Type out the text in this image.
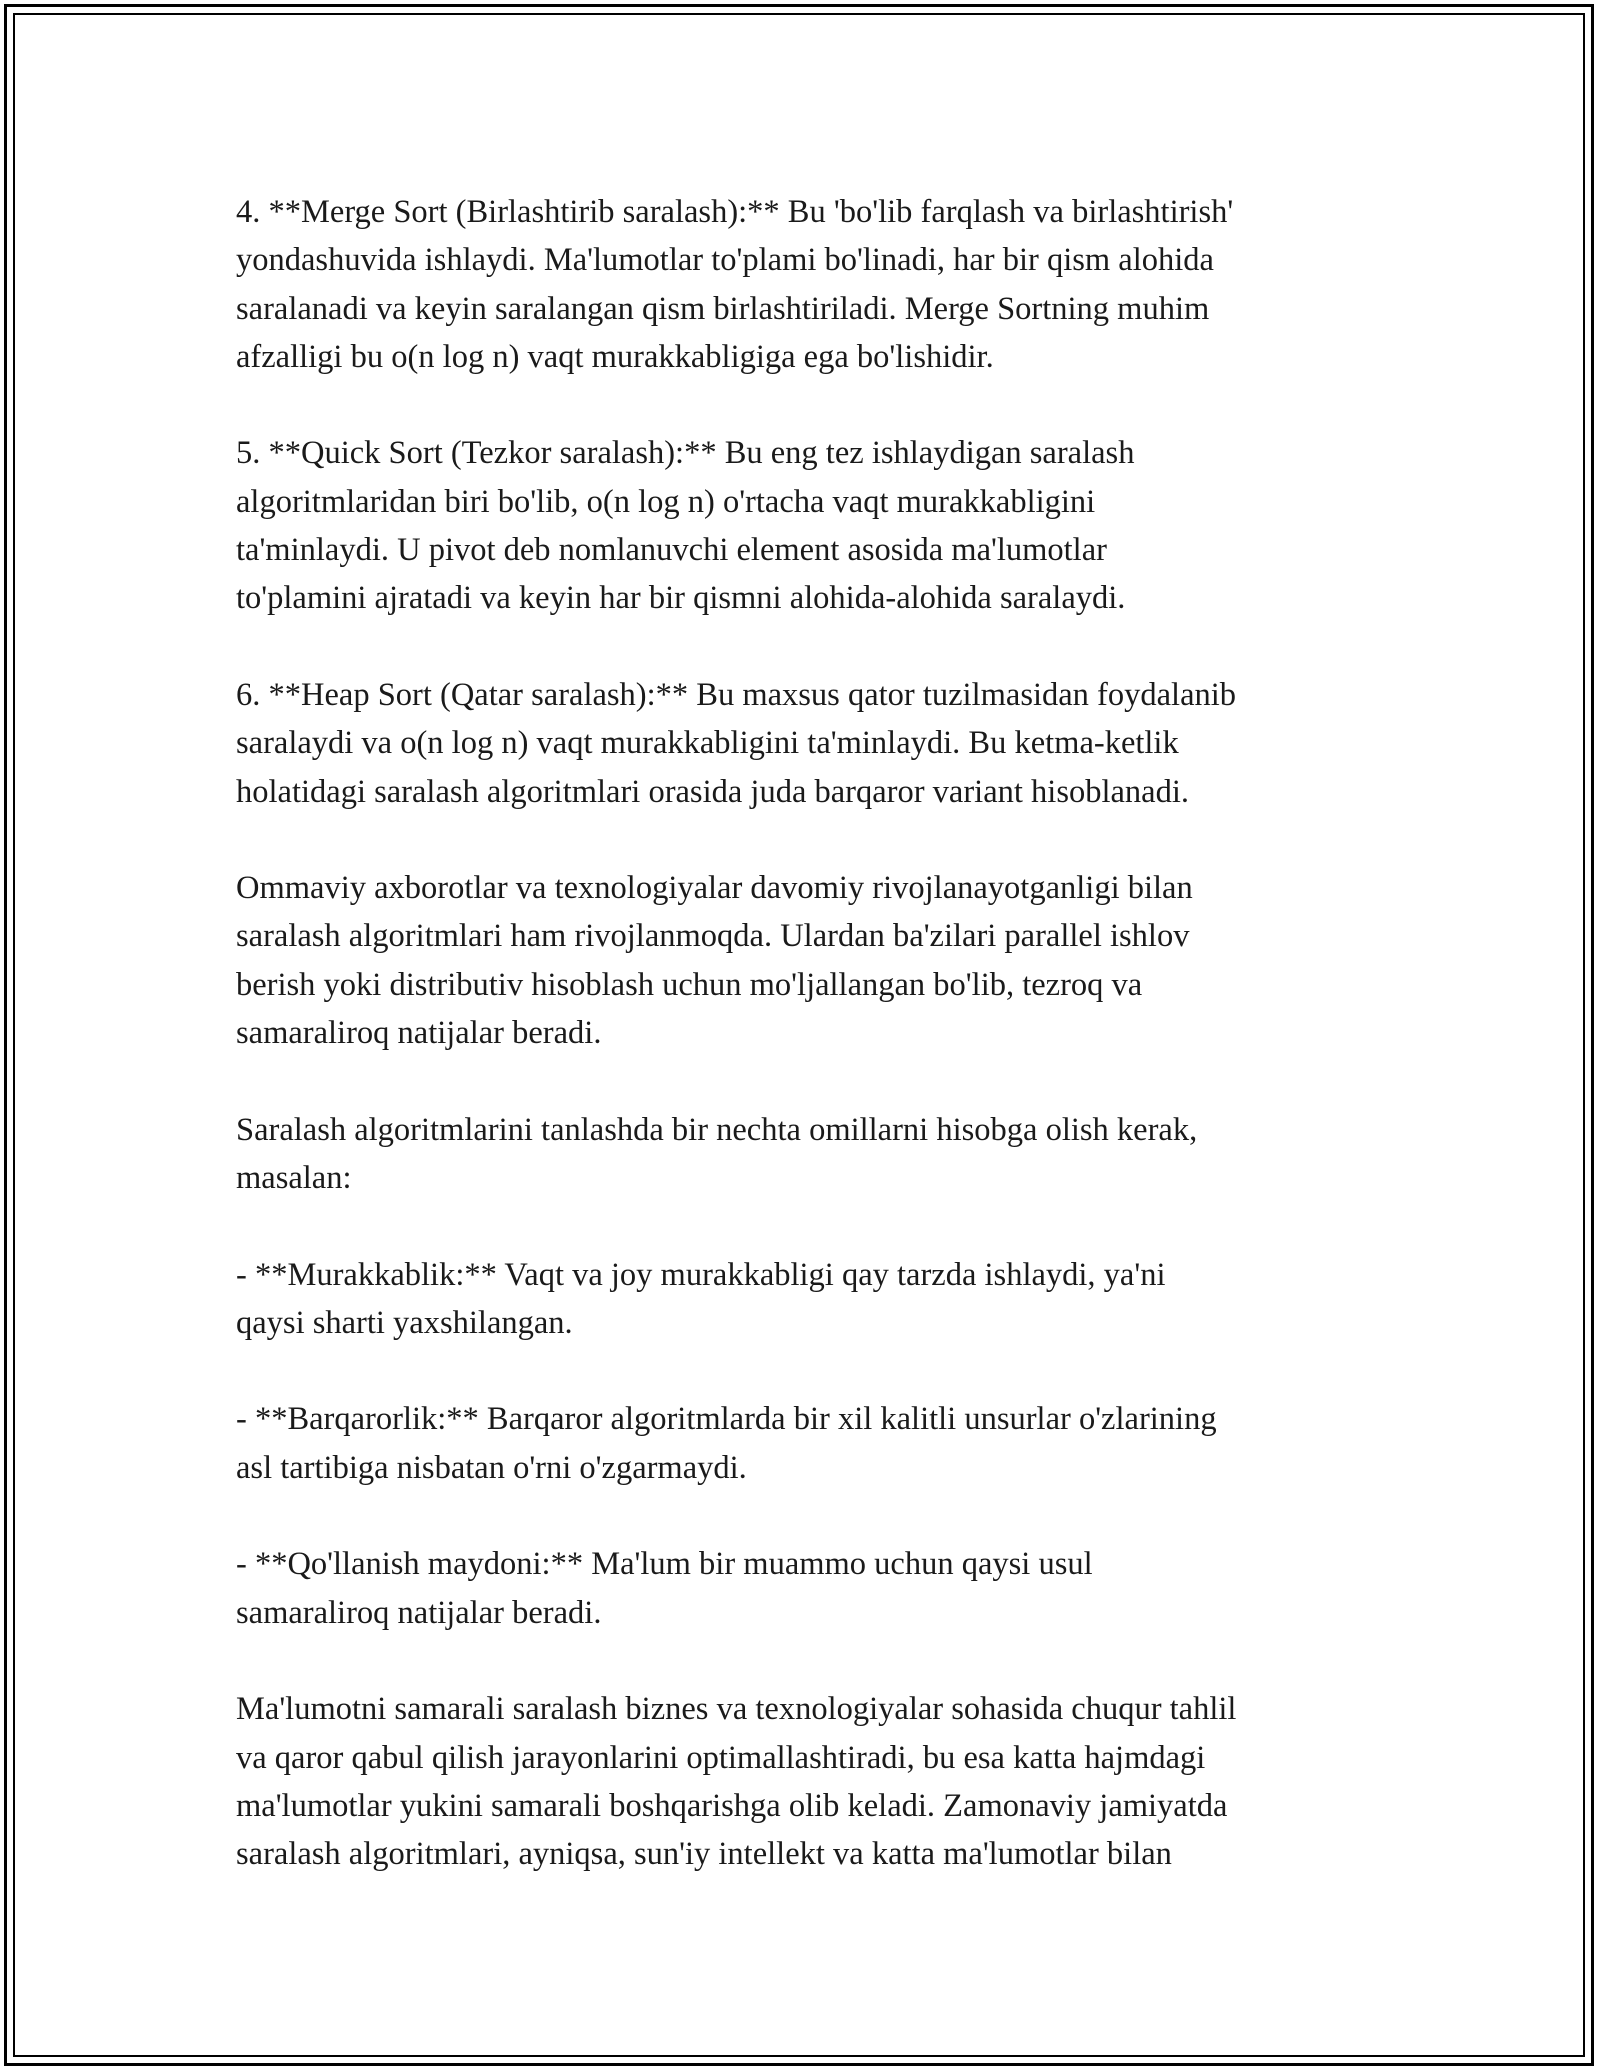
4. **Merge Sort (Birlashtirib saralash):** Bu 'bo'lib farqlash va birlashtirish'
yondashuvida ishlaydi. Ma'lumotlar to'plami bo'linadi, har bir qism alohida
saralanadi va keyin saralangan qism birlashtiriladi. Merge Sortning muhim
afzalligi bu o(n log n) vaqt murakkabligiga ega bo'lishidir.

5. **Quick Sort (Tezkor saralash):** Bu eng tez ishlaydigan saralash
algoritmlaridan biri bo'lib, o(n log n) o'rtacha vaqt murakkabligini
ta'minlaydi. U pivot deb nomlanuvchi element asosida ma'lumotlar
to'plamini ajratadi va keyin har bir qismni alohida-alohida saralaydi.

6. **Heap Sort (Qatar saralash):** Bu maxsus qator tuzilmasidan foydalanib
saralaydi va o(n log n) vaqt murakkabligini ta'minlaydi. Bu ketma-ketlik
holatidagi saralash algoritmlari orasida juda barqaror variant hisoblanadi.

Ommaviy axborotlar va texnologiyalar davomiy rivojlanayotganligi bilan
saralash algoritmlari ham rivojlanmoqda. Ulardan ba'zilari parallel ishlov
berish yoki distributiv hisoblash uchun mo'ljallangan bo'lib, tezroq va
samaraliroq natijalar beradi.

Saralash algoritmlarini tanlashda bir nechta omillarni hisobga olish kerak,
masalan:

- **Murakkablik:** Vaqt va joy murakkabligi qay tarzda ishlaydi, ya'ni
qaysi sharti yaxshilangan.

- **Barqarorlik:** Barqaror algoritmlarda bir xil kalitli unsurlar o'zlarining
asl tartibiga nisbatan o'rni o'zgarmaydi.

- **Qo'llanish maydoni:** Ma'lum bir muammo uchun qaysi usul
samaraliroq natijalar beradi.

Ma'lumotni samarali saralash biznes va texnologiyalar sohasida chuqur tahlil
va qaror qabul qilish jarayonlarini optimallashtiradi, bu esa katta hajmdagi
ma'lumotlar yukini samarali boshqarishga olib keladi. Zamonaviy jamiyatda
saralash algoritmlari, ayniqsa, sun'iy intellekt va katta ma'lumotlar bilan
